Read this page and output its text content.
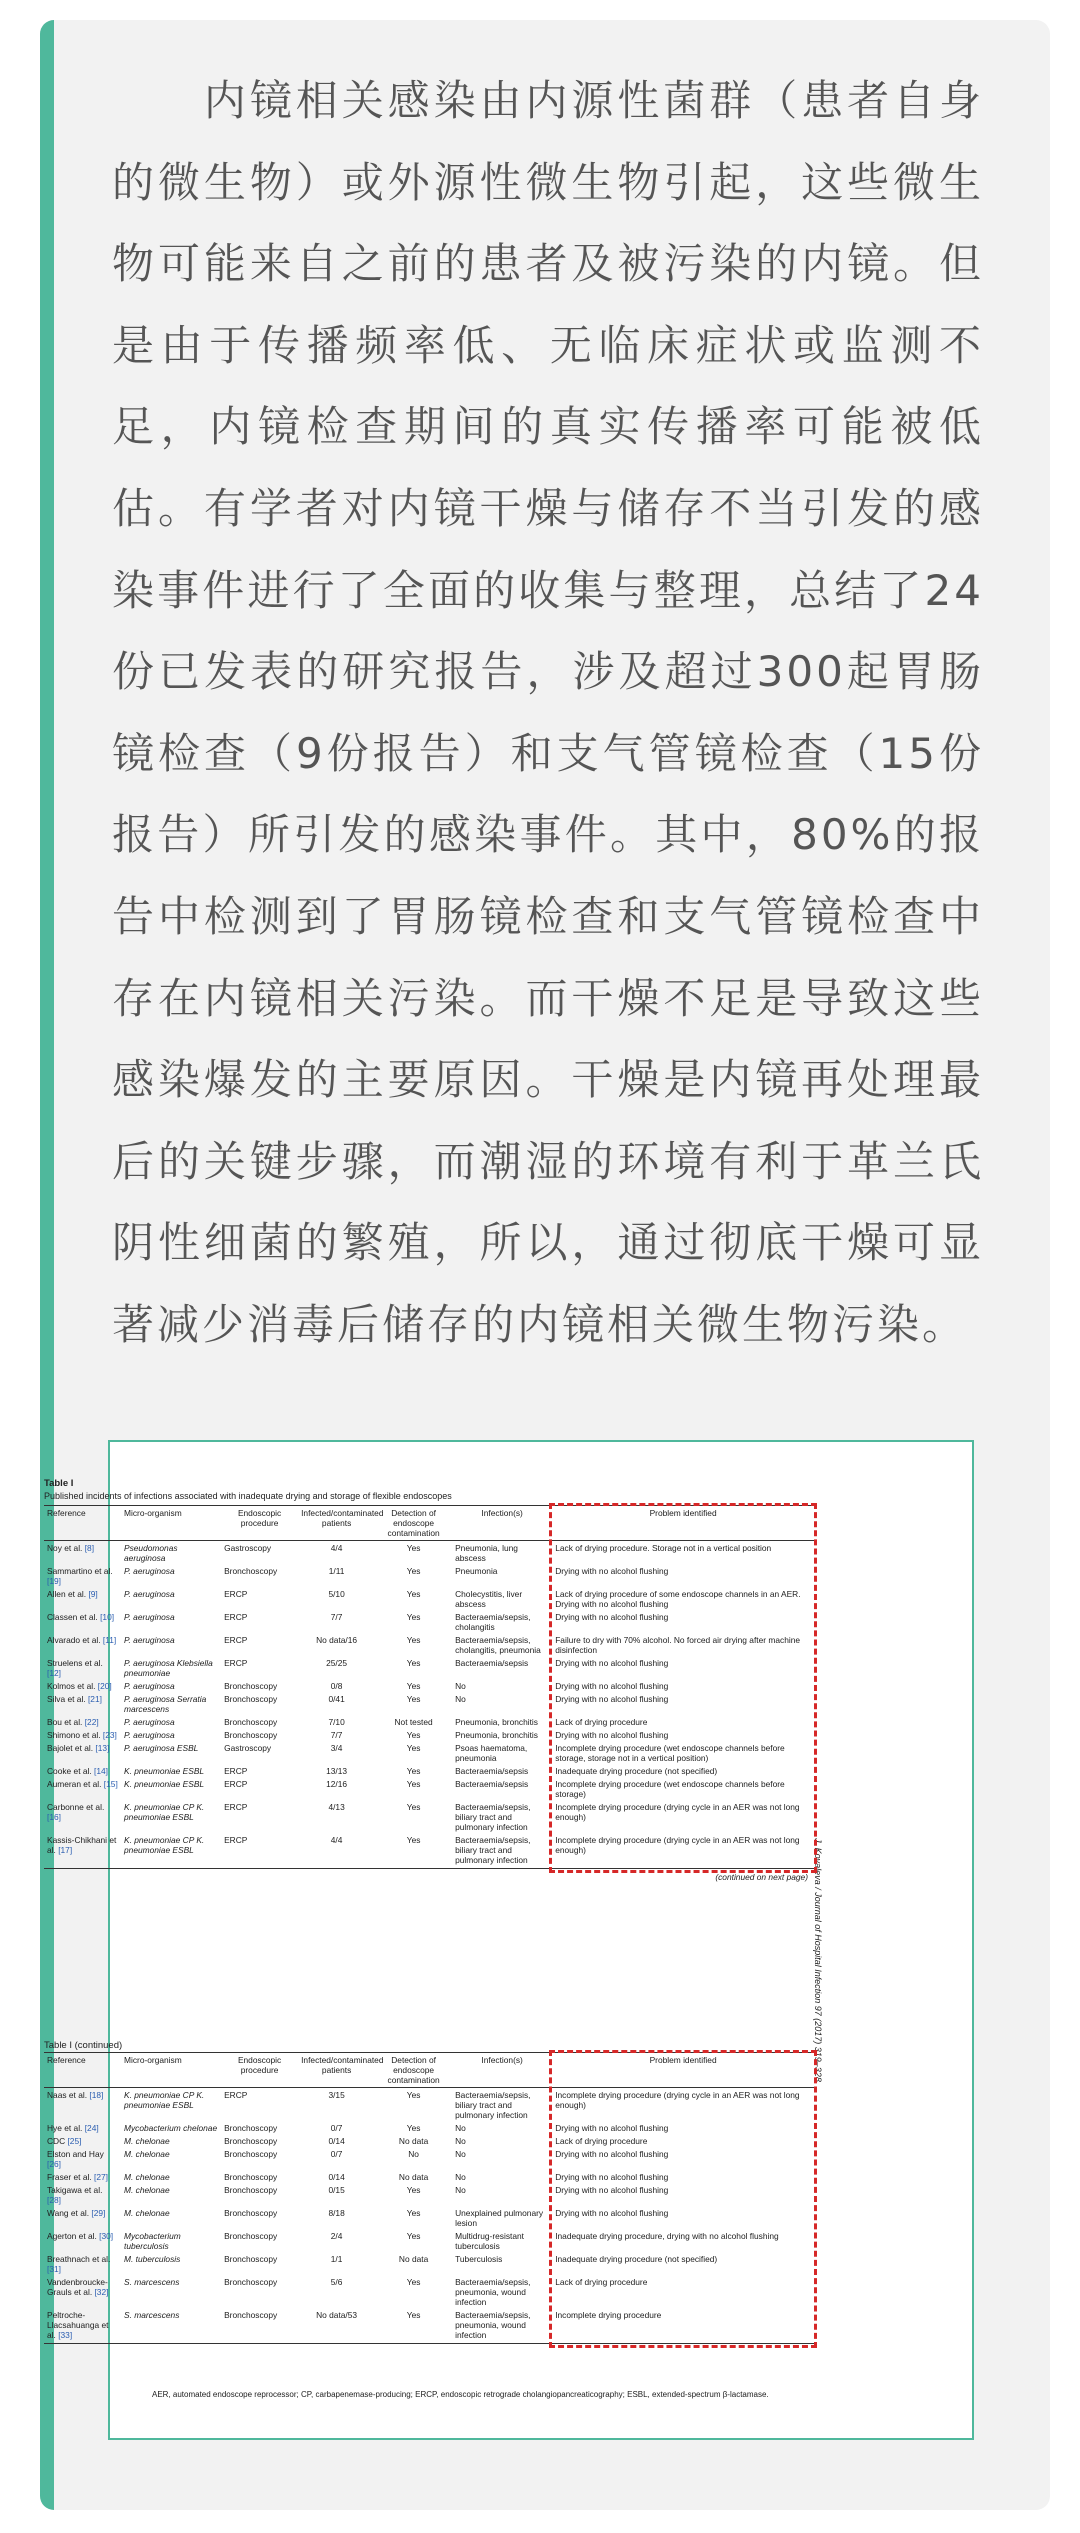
　　内镜相关感染由内源性菌群（患者自身的微生物）或外源性微生物引起，这些微生物可能来自之前的患者及被污染的内镜。但是由于传播频率低、无临床症状或监测不足，内镜检查期间的真实传播率可能被低估。有学者对内镜干燥与储存不当引发的感染事件进行了全面的收集与整理，总结了24份已发表的研究报告，涉及超过300起胃肠镜检查（9份报告）和支气管镜检查（15份报告）所引发的感染事件。其中，80%的报告中检测到了胃肠镜检查和支气管镜检查中存在内镜相关污染。而干燥不足是导致这些感染爆发的主要原因。干燥是内镜再处理最后的关键步骤，而潮湿的环境有利于革兰氏阴性细菌的繁殖，所以，通过彻底干燥可显著减少消毒后储存的内镜相关微生物污染。

Table I
Published incidents of infections associated with inadequate drying and storage of flexible endoscopes
Reference	Micro-organism	Endoscopic procedure	Infected/contaminated patients	Detection of endoscope contamination	Infection(s)	Problem identified
Noy et al. [8]	Pseudomonas aeruginosa	Gastroscopy	4/4	Yes	Pneumonia, lung abscess	Lack of drying procedure. Storage not in a vertical position
Sammartino et al. [19]	P. aeruginosa	Bronchoscopy	1/11	Yes	Pneumonia	Drying with no alcohol flushing
Allen et al. [9]	P. aeruginosa	ERCP	5/10	Yes	Cholecystitis, liver abscess	Lack of drying procedure of some endoscope channels in an AER. Drying with no alcohol flushing
Classen et al. [10]	P. aeruginosa	ERCP	7/7	Yes	Bacteraemia/sepsis, cholangitis	Drying with no alcohol flushing
Alvarado et al. [11]	P. aeruginosa	ERCP	No data/16	Yes	Bacteraemia/sepsis, cholangitis, pneumonia	Failure to dry with 70% alcohol. No forced air drying after machine disinfection
Struelens et al. [12]	P. aeruginosa Klebsiella pneumoniae	ERCP	25/25	Yes	Bacteraemia/sepsis	Drying with no alcohol flushing
Kolmos et al. [20]	P. aeruginosa	Bronchoscopy	0/8	Yes	No	Drying with no alcohol flushing
Silva et al. [21]	P. aeruginosa Serratia marcescens	Bronchoscopy	0/41	Yes	No	Drying with no alcohol flushing
Bou et al. [22]	P. aeruginosa	Bronchoscopy	7/10	Not tested	Pneumonia, bronchitis	Lack of drying procedure
Shimono et al. [23]	P. aeruginosa	Bronchoscopy	7/7	Yes	Pneumonia, bronchitis	Drying with no alcohol flushing
Bajolet et al. [13]	P. aeruginosa ESBL	Gastroscopy	3/4	Yes	Psoas haematoma, pneumonia	Incomplete drying procedure (wet endoscope channels before storage, storage not in a vertical position)
Cooke et al. [14]	K. pneumoniae ESBL	ERCP	13/13	Yes	Bacteraemia/sepsis	Inadequate drying procedure (not specified)
Aumeran et al. [15]	K. pneumoniae ESBL	ERCP	12/16	Yes	Bacteraemia/sepsis	Incomplete drying procedure (wet endoscope channels before storage)
Carbonne et al. [16]	K. pneumoniae CP K. pneumoniae ESBL	ERCP	4/13	Yes	Bacteraemia/sepsis, biliary tract and pulmonary infection	Incomplete drying procedure (drying cycle in an AER was not long enough)
Kassis-Chikhani et al. [17]	K. pneumoniae CP K. pneumoniae ESBL	ERCP	4/4	Yes	Bacteraemia/sepsis, biliary tract and pulmonary infection	Incomplete drying procedure (drying cycle in an AER was not long enough)
(continued on next page)
Table I (continued)
Reference	Micro-organism	Endoscopic procedure	Infected/contaminated patients	Detection of endoscope contamination	Infection(s)	Problem identified
Naas et al. [18]	K. pneumoniae CP K. pneumoniae ESBL	ERCP	3/15	Yes	Bacteraemia/sepsis, biliary tract and pulmonary infection	Incomplete drying procedure (drying cycle in an AER was not long enough)
Hye et al. [24]	Mycobacterium chelonae	Bronchoscopy	0/7	Yes	No	Drying with no alcohol flushing
CDC [25]	M. chelonae	Bronchoscopy	0/14	No data	No	Lack of drying procedure
Elston and Hay [26]	M. chelonae	Bronchoscopy	0/7	No	No	Drying with no alcohol flushing
Fraser et al. [27]	M. chelonae	Bronchoscopy	0/14	No data	No	Drying with no alcohol flushing
Takigawa et al. [28]	M. chelonae	Bronchoscopy	0/15	Yes	No	Drying with no alcohol flushing
Wang et al. [29]	M. chelonae	Bronchoscopy	8/18	Yes	Unexplained pulmonary lesion	Drying with no alcohol flushing
Agerton et al. [30]	Mycobacterium tuberculosis	Bronchoscopy	2/4	Yes	Multidrug-resistant tuberculosis	Inadequate drying procedure, drying with no alcohol flushing
Breathnach et al. [31]	M. tuberculosis	Bronchoscopy	1/1	No data	Tuberculosis	Inadequate drying procedure (not specified)
Vandenbroucke-Grauls et al. [32]	S. marcescens	Bronchoscopy	5/6	Yes	Bacteraemia/sepsis, pneumonia, wound infection	Lack of drying procedure
Peltroche-Llacsahuanga et al. [33]	S. marcescens	Bronchoscopy	No data/53	Yes	Bacteraemia/sepsis, pneumonia, wound infection	Incomplete drying procedure
J. Kovaleva / Journal of Hospital Infection 97 (2017) 319–328
AER, automated endoscope reprocessor; CP, carbapenemase-producing; ERCP, endoscopic retrograde cholangiopancreaticography; ESBL, extended-spectrum β-lactamase.
